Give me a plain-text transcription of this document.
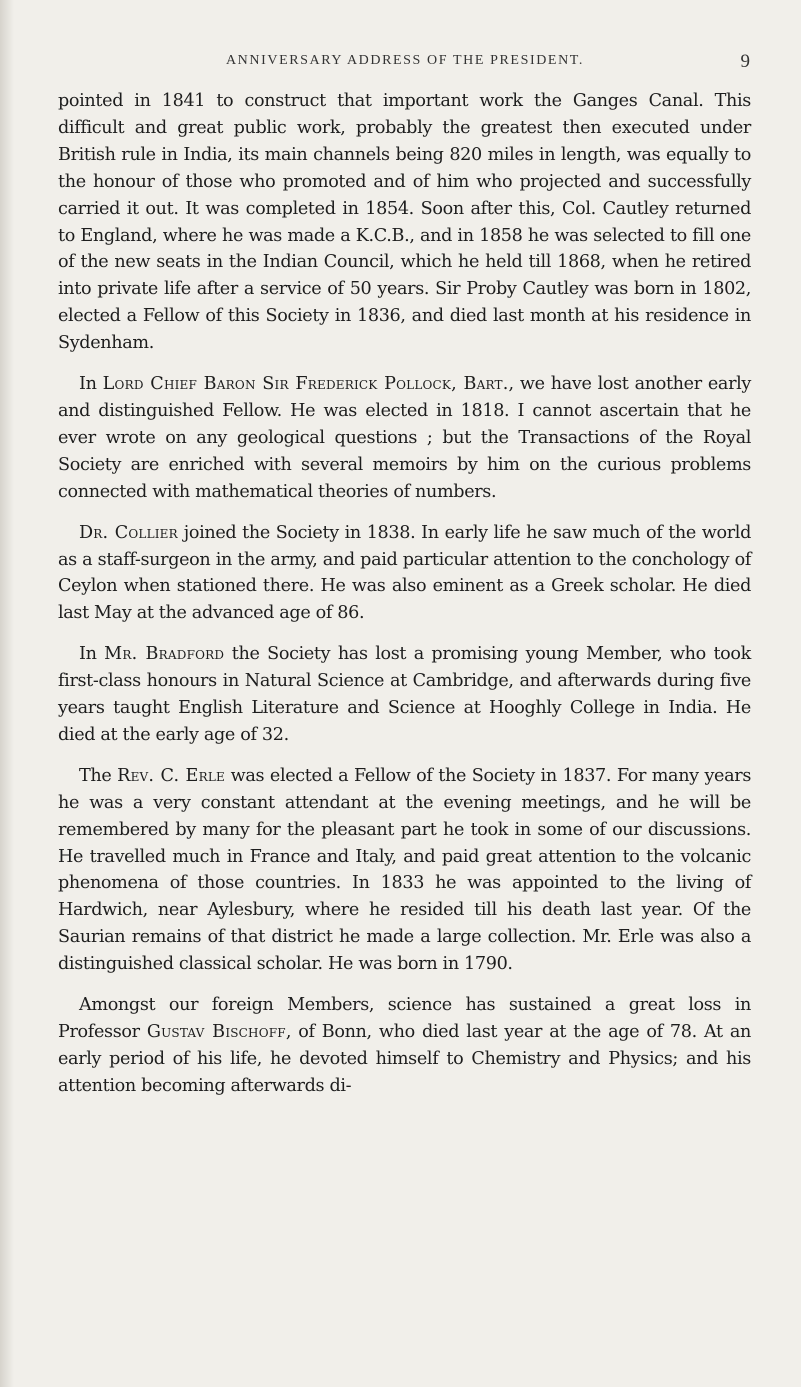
ANNIVERSARY ADDRESS OF THE PRESIDENT.	9

pointed in 1841 to construct that important work the Ganges Canal. This difficult and great public work, probably the greatest then executed under British rule in India, its main channels being 820 miles in length, was equally to the honour of those who promoted and of him who projected and successfully carried it out. It was completed in 1854. Soon after this, Col. Cautley returned to England, where he was made a K.C.B., and in 1858 he was selected to fill one of the new seats in the Indian Council, which he held till 1868, when he retired into private life after a service of 50 years. Sir Proby Cautley was born in 1802, elected a Fellow of this Society in 1836, and died last month at his residence in Sydenham.

In Lord Chief Baron Sir Frederick Pollock, Bart., we have lost another early and distinguished Fellow. He was elected in 1818. I cannot ascertain that he ever wrote on any geological questions ; but the Transactions of the Royal Society are enriched with several memoirs by him on the curious problems connected with mathematical theories of numbers.

Dr. Collier joined the Society in 1838. In early life he saw much of the world as a staff-surgeon in the army, and paid particular attention to the conchology of Ceylon when stationed there. He was also eminent as a Greek scholar. He died last May at the advanced age of 86.

In Mr. Bradford the Society has lost a promising young Member, who took first-class honours in Natural Science at Cambridge, and afterwards during five years taught English Literature and Science at Hooghly College in India. He died at the early age of 32.

The Rev. C. Erle was elected a Fellow of the Society in 1837. For many years he was a very constant attendant at the evening meetings, and he will be remembered by many for the pleasant part he took in some of our discussions. He travelled much in France and Italy, and paid great attention to the volcanic phenomena of those countries. In 1833 he was appointed to the living of Hardwich, near Aylesbury, where he resided till his death last year. Of the Saurian remains of that district he made a large collection. Mr. Erle was also a distinguished classical scholar. He was born in 1790.

Amongst our foreign Members, science has sustained a great loss in Professor Gustav Bischoff, of Bonn, who died last year at the age of 78. At an early period of his life, he devoted himself to Chemistry and Physics; and his attention becoming afterwards di-
